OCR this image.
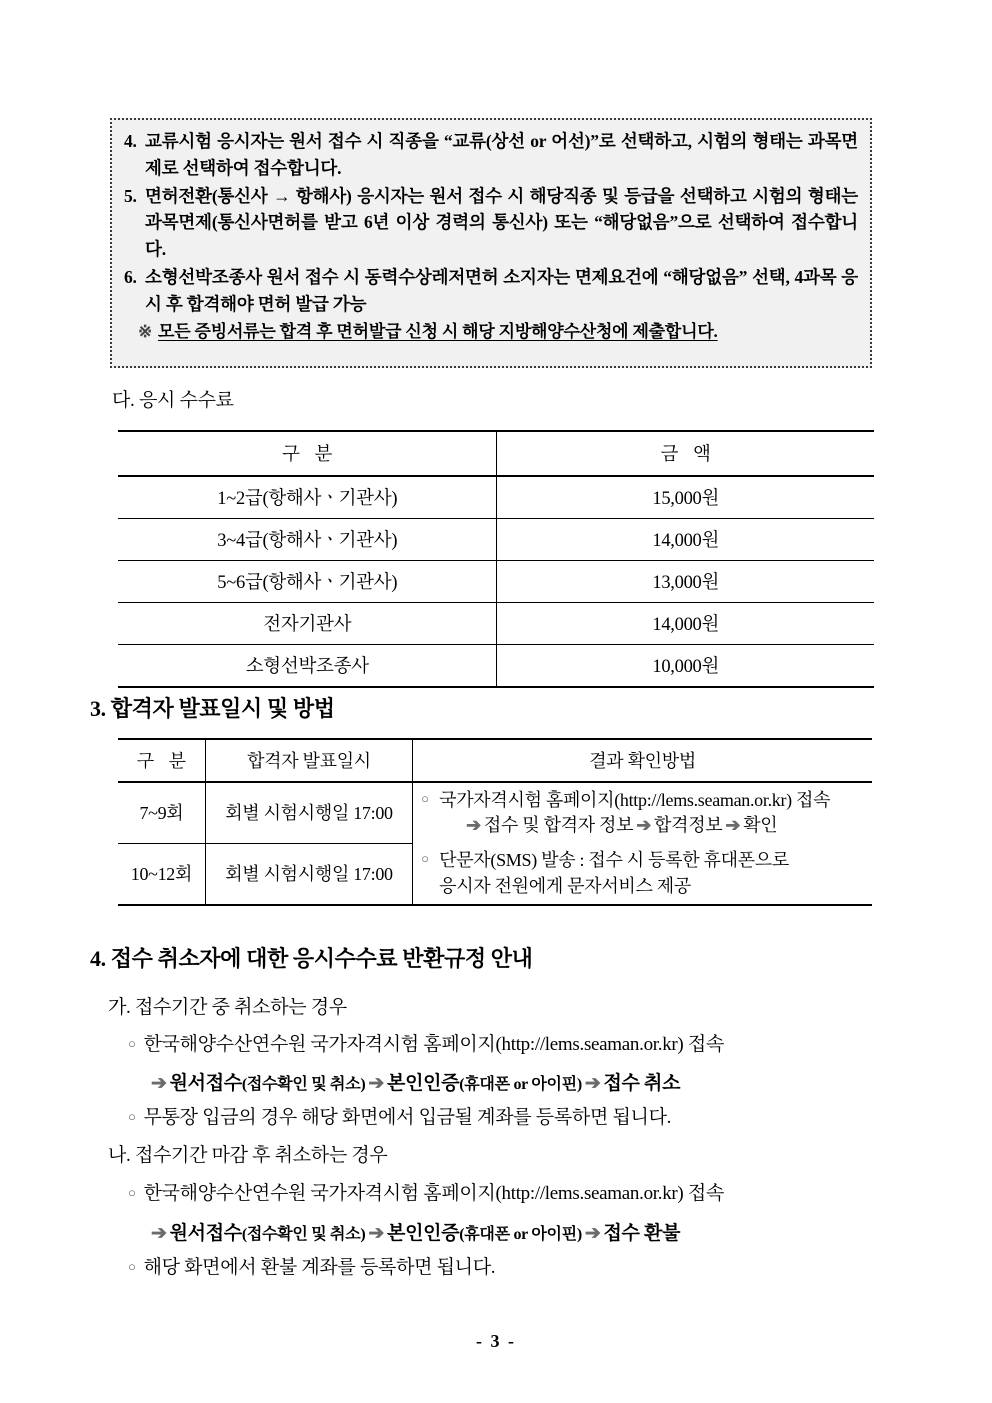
4. 교류시험 응시자는 원서 접수 시 직종을 “교류(상선 or 어선)”로 선택하고, 시험의 형태는 과목면제로 선택하여 접수합니다.
5. 면허전환(통신사 → 항해사) 응시자는 원서 접수 시 해당직종 및 등급을 선택하고 시험의 형태는 과목면제(통신사면허를 받고 6년 이상 경력의 통신사) 또는 “해당없음”으로 선택하여 접수합니다.
6. 소형선박조종사 원서 접수 시 동력수상레저면허 소지자는 면제요건에 “해당없음” 선택, 4과목 응시 후 합격해야 면허 발급 가능
※ 모든 증빙서류는 합격 후 면허발급 신청 시 해당 지방해양수산청에 제출합니다.
다. 응시 수수료
구 분	금 액
1~2급(항해사ㆍ기관사)	15,000원
3~4급(항해사ㆍ기관사)	14,000원
5~6급(항해사ㆍ기관사)	13,000원
전자기관사	14,000원
소형선박조종사	10,000원
3. 합격자 발표일시 및 방법
구 분	합격자 발표일시	결과 확인방법
7~9회	회별 시험시행일 17:00	○ 국가자격시험 홈페이지(http://lems.seaman.or.kr) 접속
➔ 접수 및 합격자 정보 ➔ 합격정보 ➔ 확인

10~12회	회별 시험시행일 17:00	○ 단문자(SMS) 발송 : 접수 시 등록한 휴대폰으로
응시자 전원에게 문자서비스 제공
4. 접수 취소자에 대한 응시수수료 반환규정 안내
가. 접수기간 중 취소하는 경우
○ 한국해양수산연수원 국가자격시험 홈페이지(http://lems.seaman.or.kr) 접속
➔ 원서접수(접수확인 및 취소) ➔ 본인인증(휴대폰 or 아이핀) ➔ 접수 취소
○ 무통장 입금의 경우 해당 화면에서 입금될 계좌를 등록하면 됩니다.
나. 접수기간 마감 후 취소하는 경우
○ 한국해양수산연수원 국가자격시험 홈페이지(http://lems.seaman.or.kr) 접속
➔ 원서접수(접수확인 및 취소) ➔ 본인인증(휴대폰 or 아이핀) ➔ 접수 환불
○ 해당 화면에서 환불 계좌를 등록하면 됩니다.
- 3 -
